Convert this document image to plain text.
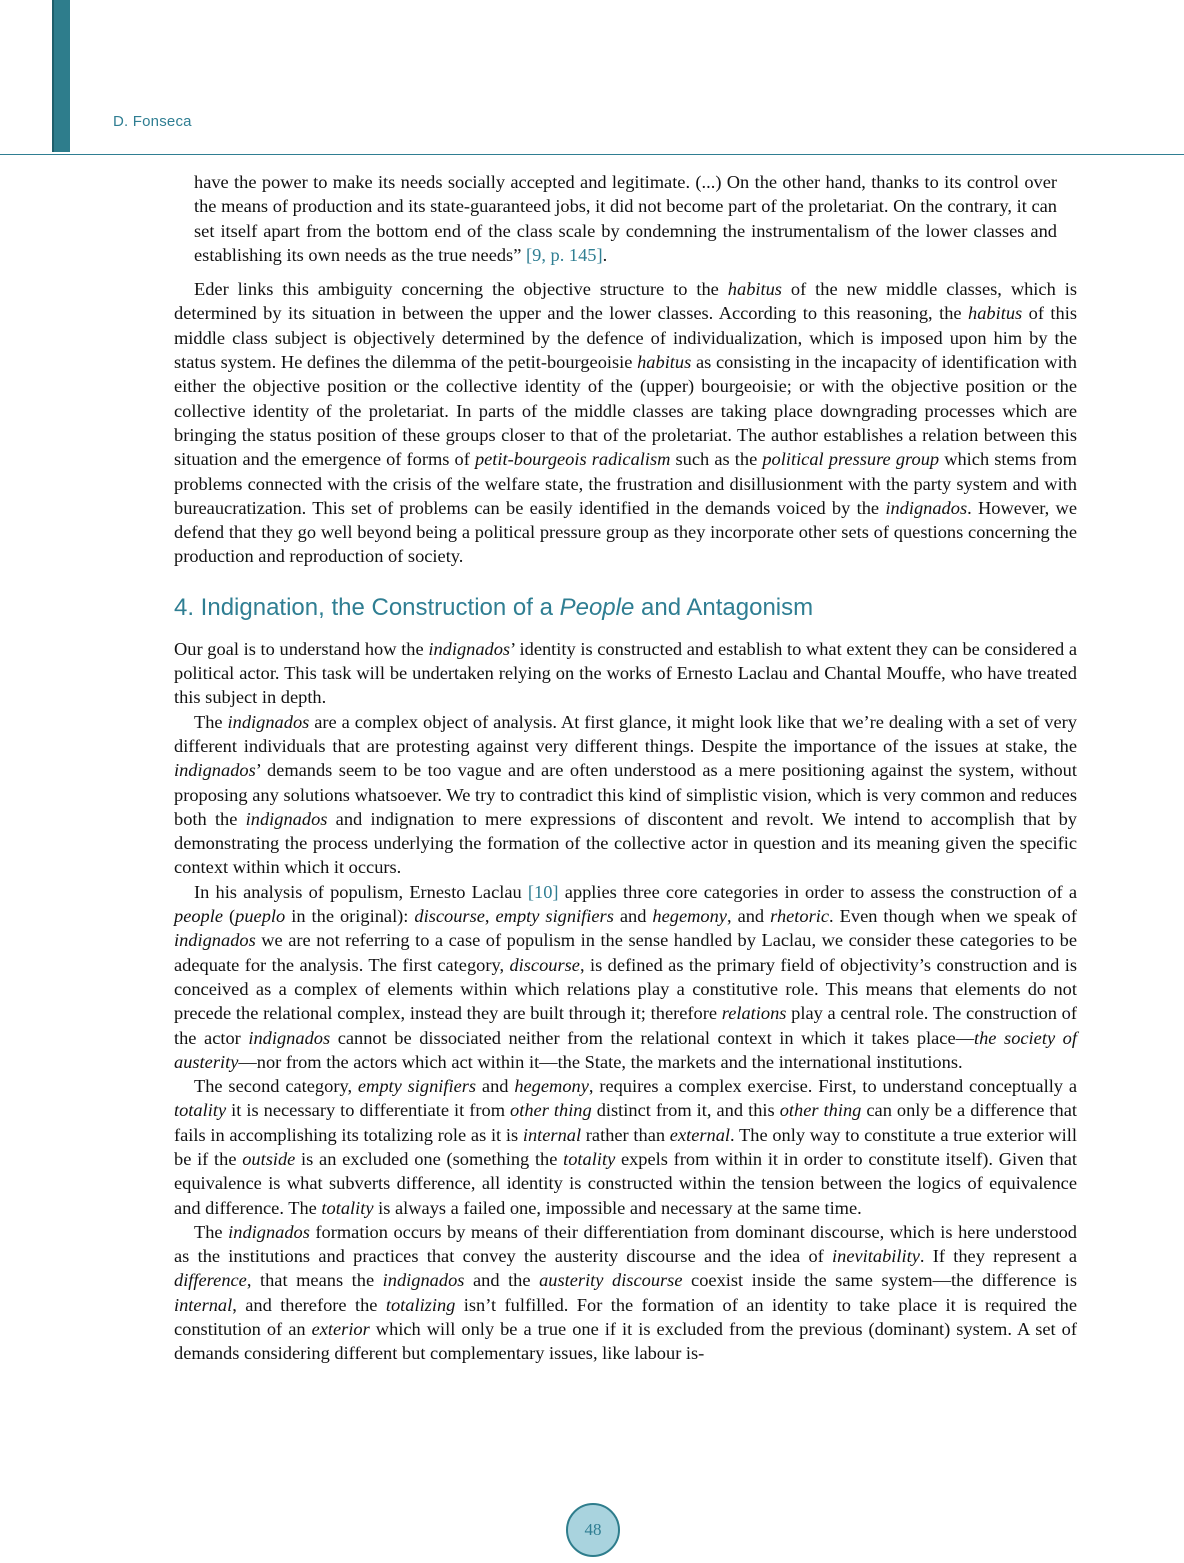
D. Fonseca

have the power to make its needs socially accepted and legitimate. (...) On the other hand, thanks to its control over the means of production and its state-guaranteed jobs, it did not become part of the proletariat. On the contrary, it can set itself apart from the bottom end of the class scale by condemning the instrumentalism of the lower classes and establishing its own needs as the true needs” [9, p. 145].

Eder links this ambiguity concerning the objective structure to the habitus of the new middle classes, which is determined by its situation in between the upper and the lower classes. According to this reasoning, the habitus of this middle class subject is objectively determined by the defence of individualization, which is imposed upon him by the status system. He defines the dilemma of the petit-bourgeoisie habitus as consisting in the incapacity of identification with either the objective position or the collective identity of the (upper) bourgeoisie; or with the objective position or the collective identity of the proletariat. In parts of the middle classes are taking place downgrading processes which are bringing the status position of these groups closer to that of the proletariat. The author establishes a relation between this situation and the emergence of forms of petit-bourgeois radicalism such as the political pressure group which stems from problems connected with the crisis of the welfare state, the frustration and disillusionment with the party system and with bureaucratization. This set of problems can be easily identified in the demands voiced by the indignados. However, we defend that they go well beyond being a political pressure group as they incorporate other sets of questions concerning the production and reproduction of society.

4. Indignation, the Construction of a People and Antagonism

Our goal is to understand how the indignados’ identity is constructed and establish to what extent they can be considered a political actor. This task will be undertaken relying on the works of Ernesto Laclau and Chantal Mouffe, who have treated this subject in depth.

The indignados are a complex object of analysis. At first glance, it might look like that we’re dealing with a set of very different individuals that are protesting against very different things. Despite the importance of the issues at stake, the indignados’ demands seem to be too vague and are often understood as a mere positioning against the system, without proposing any solutions whatsoever. We try to contradict this kind of simplistic vision, which is very common and reduces both the indignados and indignation to mere expressions of discontent and revolt. We intend to accomplish that by demonstrating the process underlying the formation of the collective actor in question and its meaning given the specific context within which it occurs.

In his analysis of populism, Ernesto Laclau [10] applies three core categories in order to assess the construction of a people (pueplo in the original): discourse, empty signifiers and hegemony, and rhetoric. Even though when we speak of indignados we are not referring to a case of populism in the sense handled by Laclau, we consider these categories to be adequate for the analysis. The first category, discourse, is defined as the primary field of objectivity’s construction and is conceived as a complex of elements within which relations play a constitutive role. This means that elements do not precede the relational complex, instead they are built through it; therefore relations play a central role. The construction of the actor indignados cannot be dissociated neither from the relational context in which it takes place—the society of austerity—nor from the actors which act within it—the State, the markets and the international institutions.

The second category, empty signifiers and hegemony, requires a complex exercise. First, to understand conceptually a totality it is necessary to differentiate it from other thing distinct from it, and this other thing can only be a difference that fails in accomplishing its totalizing role as it is internal rather than external. The only way to constitute a true exterior will be if the outside is an excluded one (something the totality expels from within it in order to constitute itself). Given that equivalence is what subverts difference, all identity is constructed within the tension between the logics of equivalence and difference. The totality is always a failed one, impossible and necessary at the same time.

The indignados formation occurs by means of their differentiation from dominant discourse, which is here understood as the institutions and practices that convey the austerity discourse and the idea of inevitability. If they represent a difference, that means the indignados and the austerity discourse coexist inside the same system—the difference is internal, and therefore the totalizing isn’t fulfilled. For the formation of an identity to take place it is required the constitution of an exterior which will only be a true one if it is excluded from the previous (dominant) system. A set of demands considering different but complementary issues, like labour is-

48
